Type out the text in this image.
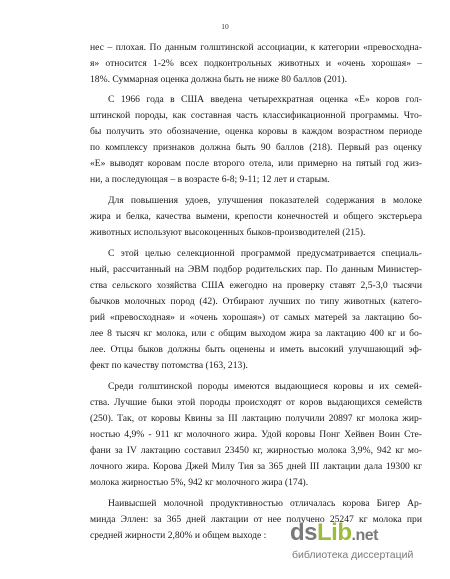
10
нес – плохая. По данным голштинской ассоциации, к категории «превосходна-
я» относится 1-2% всех подконтрольных животных и «очень хорошая» –
18%. Суммарная оценка должна быть не ниже 80 баллов (201).
С 1966 года в США введена четырехкратная оценка «Е» коров гол-
штинской породы, как составная часть классификационной программы. Что-
бы получить это обозначение, оценка коровы в каждом возрастном периоде
по комплексу признаков должна быть 90 баллов (218). Первый раз оценку
«Е» выводят коровам после второго отела, или примерно на пятый год жиз-
ни, а последующая – в возрасте 6-8; 9-11; 12 лет и старым.
Для повышения удоев, улучшения показателей содержания в молоке
жира и белка, качества вымени, крепости конечностей и общего экстерьера
животных используют высокоценных быков-производителей (215).
С этой целью селекционной программой предусматривается специаль-
ный, рассчитанный на ЭВМ подбор родительских пар. По данным Министер-
ства сельского хозяйства США ежегодно на проверку ставят 2,5-3,0 тысячи
бычков молочных пород (42). Отбирают лучших по типу животных (катего-
рий «превосходная» и «очень хорошая») от самых матерей за лактацию бо-
лее 8 тысяч кг молока, или с общим выходом жира за лактацию 400 кг и бо-
лее. Отцы быков должны быть оценены и иметь высокий улучшающий эф-
фект по качеству потомства (163, 213).
Среди голштинской породы имеются выдающиеся коровы и их семей-
ства. Лучшие быки этой породы происходят от коров выдающихся семейств
(250). Так, от коровы Квины за III лактацию получили 20897 кг молока жир-
ностью 4,9% - 911 кг молочного жира. Удой коровы Понг Хейвен Воин Сте-
фани за IV лактацию составил 23450 кг, жирностью молока 3,9%, 942 кг мо-
лочного жира. Корова Джей Милу Тия за 365 дней III лактации дала 19300 кг
молока жирностью 5%, 942 кг молочного жира (174).
Наивысшей молочной продуктивностью отличалась корова Бигер Ар-
минда Эллен: за 365 дней лактации от нее получено 25247 кг молока при
средней жирности 2,80% и общем выходе : dsLib.net
библиотека диссертаций
